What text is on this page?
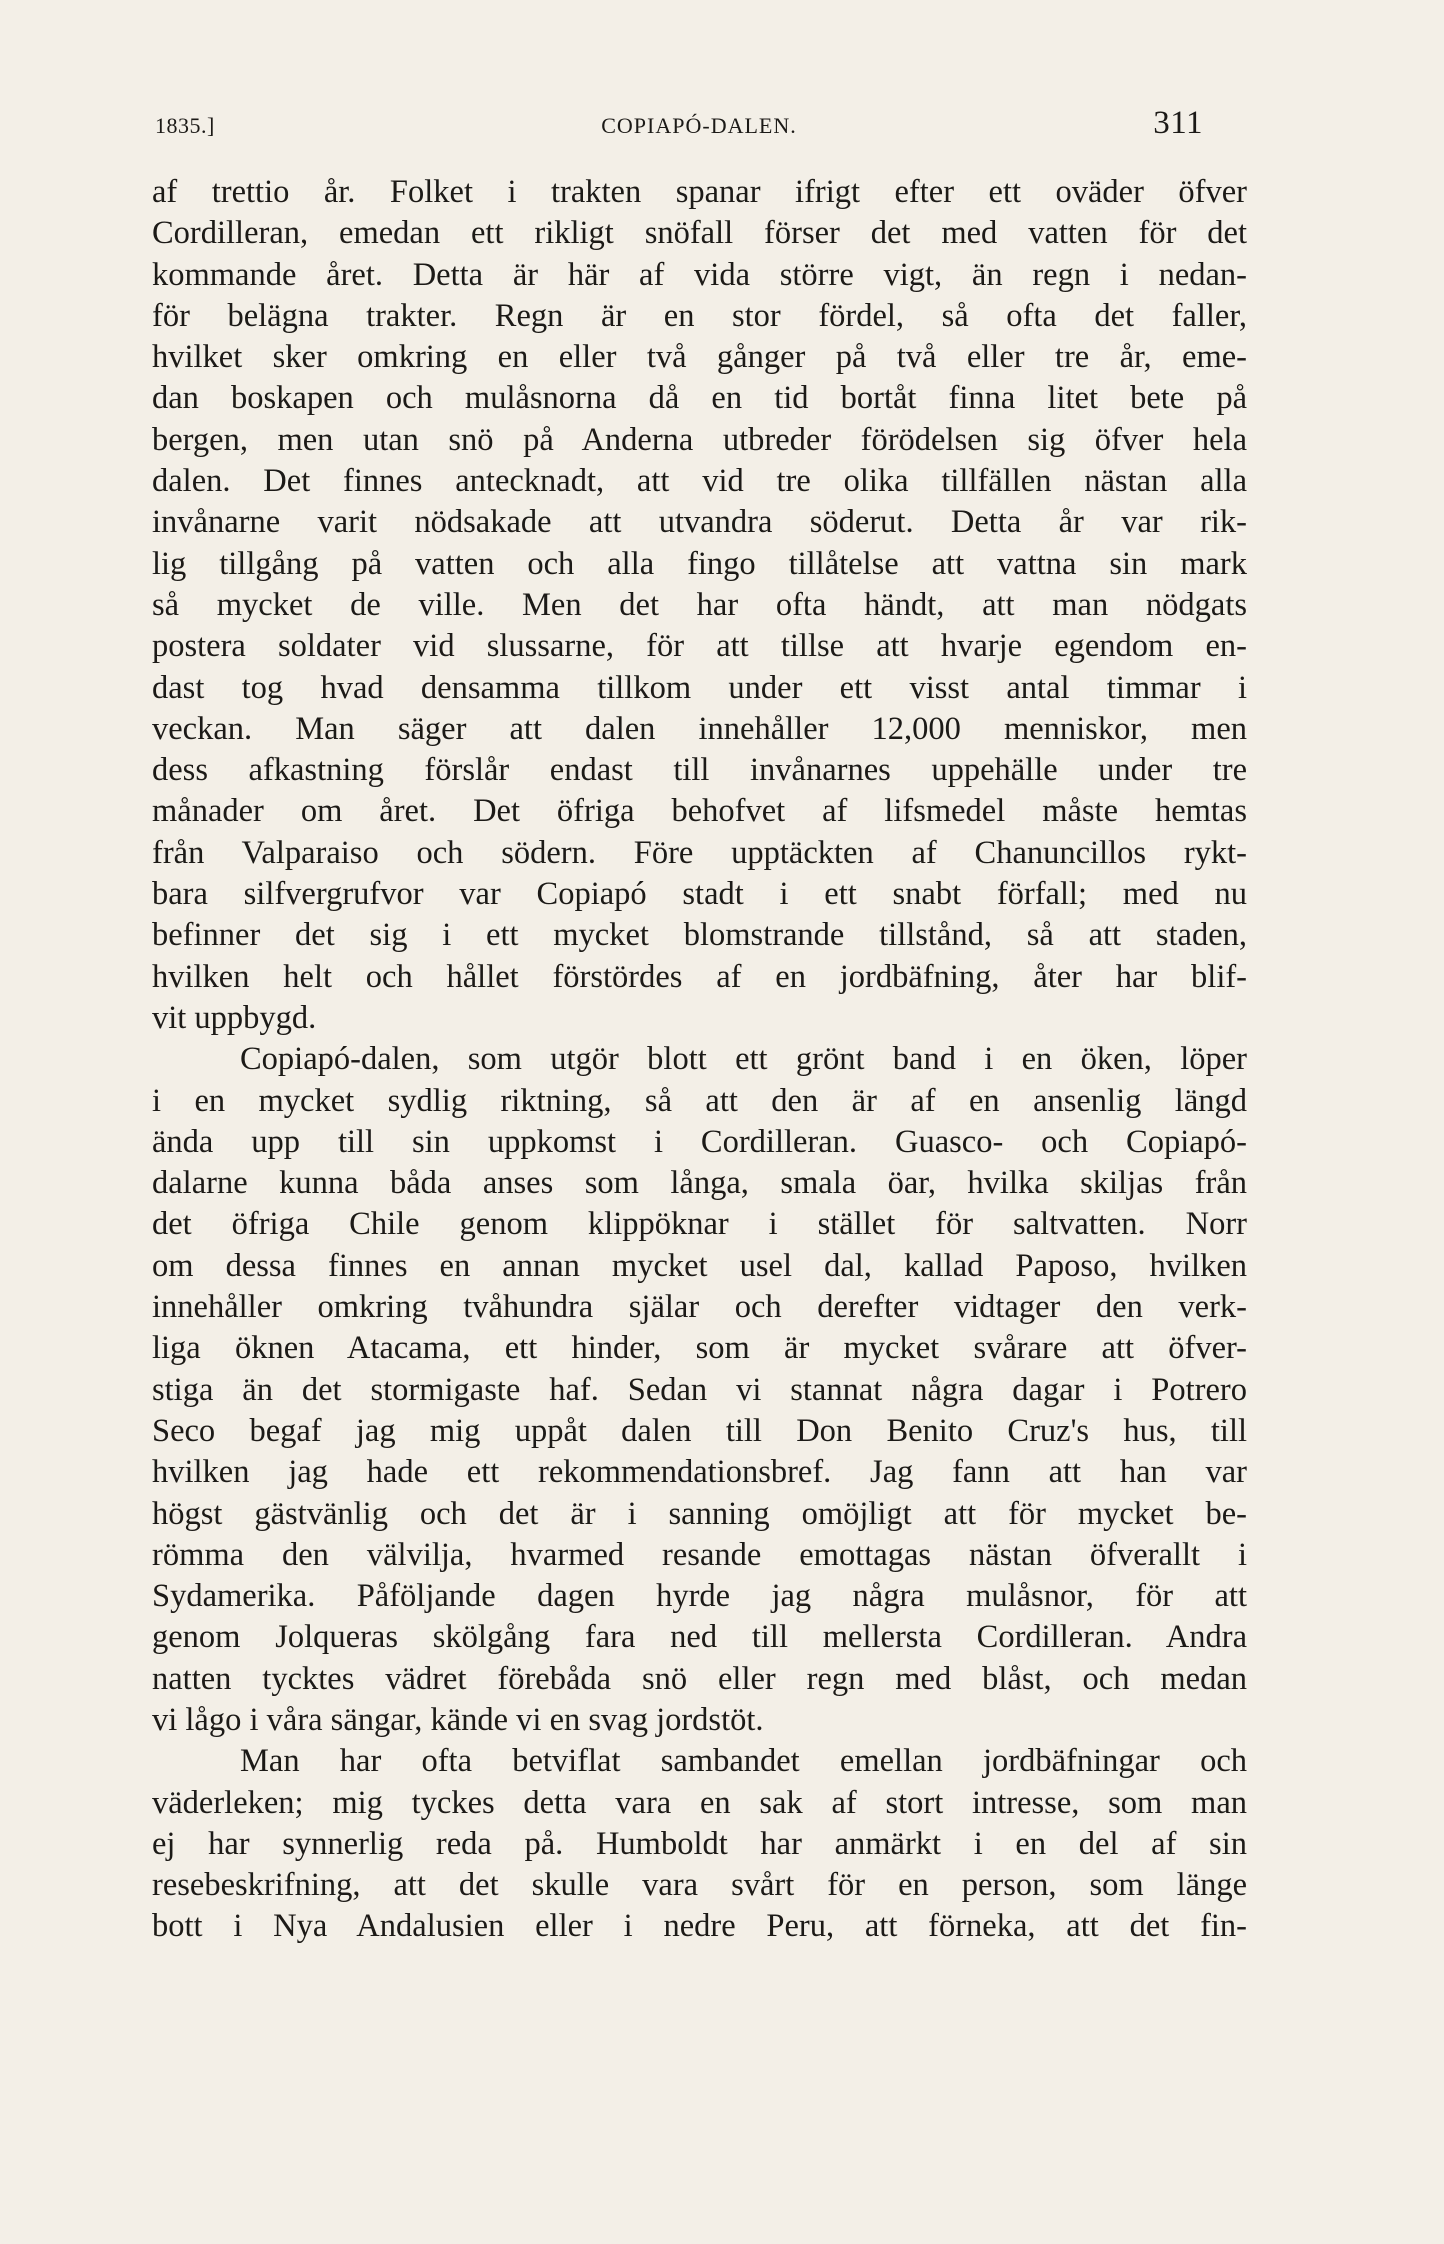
1835.]	COPIAPÓ-DALEN.	311
af trettio år. Folket i trakten spanar ifrigt efter ett oväder öfver
Cordilleran, emedan ett rikligt snöfall förser det med vatten för det
kommande året. Detta är här af vida större vigt, än regn i nedan-
för belägna trakter. Regn är en stor fördel, så ofta det faller,
hvilket sker omkring en eller två gånger på två eller tre år, eme-
dan boskapen och mulåsnorna då en tid bortåt finna litet bete på
bergen, men utan snö på Anderna utbreder förödelsen sig öfver hela
dalen. Det finnes antecknadt, att vid tre olika tillfällen nästan alla
invånarne varit nödsakade att utvandra söderut. Detta år var rik-
lig tillgång på vatten och alla fingo tillåtelse att vattna sin mark
så mycket de ville. Men det har ofta händt, att man nödgats
postera soldater vid slussarne, för att tillse att hvarje egendom en-
dast tog hvad densamma tillkom under ett visst antal timmar i
veckan. Man säger att dalen innehåller 12,000 menniskor, men
dess afkastning förslår endast till invånarnes uppehälle under tre
månader om året. Det öfriga behofvet af lifsmedel måste hemtas
från Valparaiso och södern. Före upptäckten af Chanuncillos rykt-
bara silfvergrufvor var Copiapó stadt i ett snabt förfall; med nu
befinner det sig i ett mycket blomstrande tillstånd, så att staden,
hvilken helt och hållet förstördes af en jordbäfning, åter har blif-
vit uppbygd.
Copiapó-dalen, som utgör blott ett grönt band i en öken, löper
i en mycket sydlig riktning, så att den är af en ansenlig längd
ända upp till sin uppkomst i Cordilleran. Guasco- och Copiapó-
dalarne kunna båda anses som långa, smala öar, hvilka skiljas från
det öfriga Chile genom klippöknar i stället för saltvatten. Norr
om dessa finnes en annan mycket usel dal, kallad Paposo, hvilken
innehåller omkring tvåhundra själar och derefter vidtager den verk-
liga öknen Atacama, ett hinder, som är mycket svårare att öfver-
stiga än det stormigaste haf. Sedan vi stannat några dagar i Potrero
Seco begaf jag mig uppåt dalen till Don Benito Cruz's hus, till
hvilken jag hade ett rekommendationsbref. Jag fann att han var
högst gästvänlig och det är i sanning omöjligt att för mycket be-
römma den välvilja, hvarmed resande emottagas nästan öfverallt i
Sydamerika. Påföljande dagen hyrde jag några mulåsnor, för att
genom Jolqueras skölgång fara ned till mellersta Cordilleran. Andra
natten tycktes vädret förebåda snö eller regn med blåst, och medan
vi lågo i våra sängar, kände vi en svag jordstöt.
Man har ofta betviflat sambandet emellan jordbäfningar och
väderleken; mig tyckes detta vara en sak af stort intresse, som man
ej har synnerlig reda på. Humboldt har anmärkt i en del af sin
resebeskrifning, att det skulle vara svårt för en person, som länge
bott i Nya Andalusien eller i nedre Peru, att förneka, att det fin-
